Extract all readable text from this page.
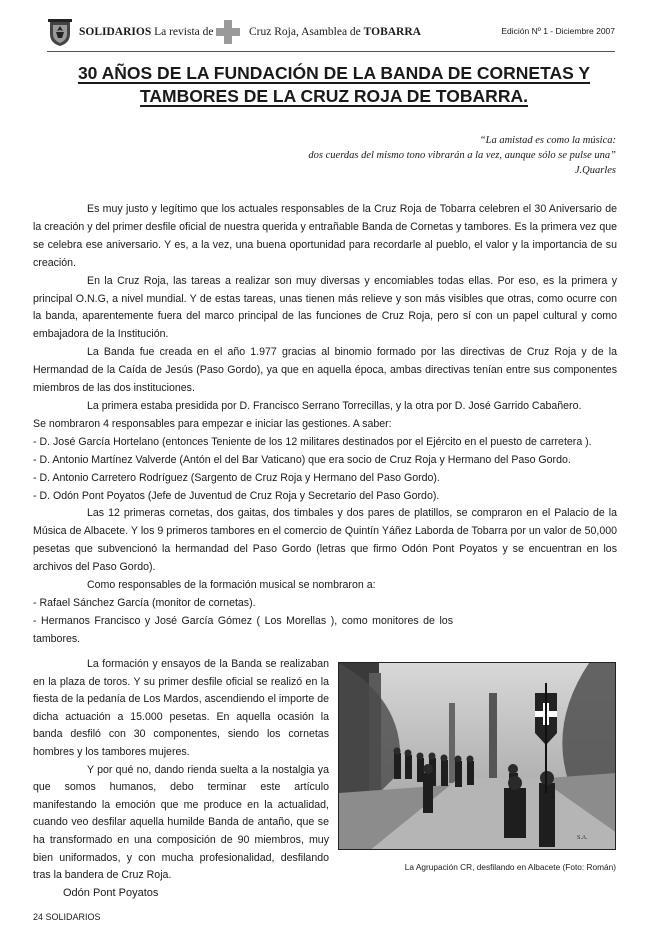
SOLIDARIOS La revista de	Cruz Roja, Asamblea de TOBARRA	Edición Nº 1 - Diciembre 2007
30 AÑOS DE LA FUNDACIÓN DE LA BANDA DE CORNETAS Y
TAMBORES DE LA CRUZ ROJA DE TOBARRA.
“La amistad es como la música:
dos cuerdas del mismo tono vibrarán a la vez, aunque sólo se pulse una”
J.Quarles

Es muy justo y legítimo que los actuales responsables de la Cruz Roja de Tobarra celebren el 30 Aniversario de la creación y del primer desfile oficial de nuestra querida y entrañable Banda de Cornetas y tambores. Es la primera vez que se celebra ese aniversario. Y es, a la vez, una buena oportunidad para recordarle al pueblo, el valor y la importancia de su creación.

En la Cruz Roja, las tareas a realizar son muy diversas y encomiables todas ellas. Por eso, es la primera y principal O.N.G, a nivel mundial. Y de estas tareas, unas tienen más relieve y son más visibles que otras, como ocurre con la banda, aparentemente fuera del marco principal de las funciones de Cruz Roja, pero sí con un papel cultural y como embajadora de la Institución.

La Banda fue creada en el año 1.977 gracias al binomio formado por las directivas de Cruz Roja y de la Hermandad de la Caída de Jesús (Paso Gordo), ya que en aquella época, ambas directivas tenían entre sus componentes miembros de las dos instituciones.

La primera estaba presidida por D. Francisco Serrano Torrecillas, y la otra por D. José Garrido Cabañero.

Se nombraron 4 responsables para empezar e iniciar las gestiones. A saber:

- D. José García Hortelano (entonces Teniente de los 12 militares destinados por el Ejército en el puesto de carretera ).

- D. Antonio Martínez Valverde (Antón el del Bar Vaticano) que era socio de Cruz Roja y Hermano del Paso Gordo.

- D. Antonio Carretero Rodríguez (Sargento de Cruz Roja y Hermano del Paso Gordo).

- D. Odón Pont Poyatos (Jefe de Juventud de Cruz Roja y Secretario del Paso Gordo).

Las 12 primeras cornetas, dos gaitas, dos timbales y dos pares de platillos, se compraron en el Palacio de la Música de Albacete. Y los 9 primeros tambores en el comercio de Quintín Yáñez Laborda de Tobarra por un valor de 50,000 pesetas que subvencionó la hermandad del Paso Gordo (letras que firmo Odón Pont Poyatos y se encuentran en los archivos del Paso Gordo).

Como responsables de la formación musical se nombraron a:

- Rafael Sánchez García (monitor de cornetas).

- Hermanos Francisco y José García Gómez ( Los Morellas ), como monitores de los tambores.

La formación y ensayos de la Banda se realizaban en la plaza de toros. Y su primer desfile oficial se realizó en la fiesta de la pedanía de Los Mardos, ascendiendo el importe de dicha actuación a 15.000 pesetas. En aquella ocasión la banda desfiló con 30 componentes, siendo los cornetas hombres y los tambores mujeres.

Y por qué no, dando rienda suelta a la nostalgia ya que somos humanos, debo terminar este artículo manifestando la emoción que me produce en la actualidad, cuando veo desfilar aquella humilde Banda de antaño, que se ha transformado en una composición de 90 miembros, muy bien uniformados, y con mucha profesionalidad, desfilando tras la bandera de Cruz Roja.

Odón Pont Poyatos

S.A.
La Agrupación CR, desfilando en Albacete (Foto: Román)
24 SOLIDARIOS
